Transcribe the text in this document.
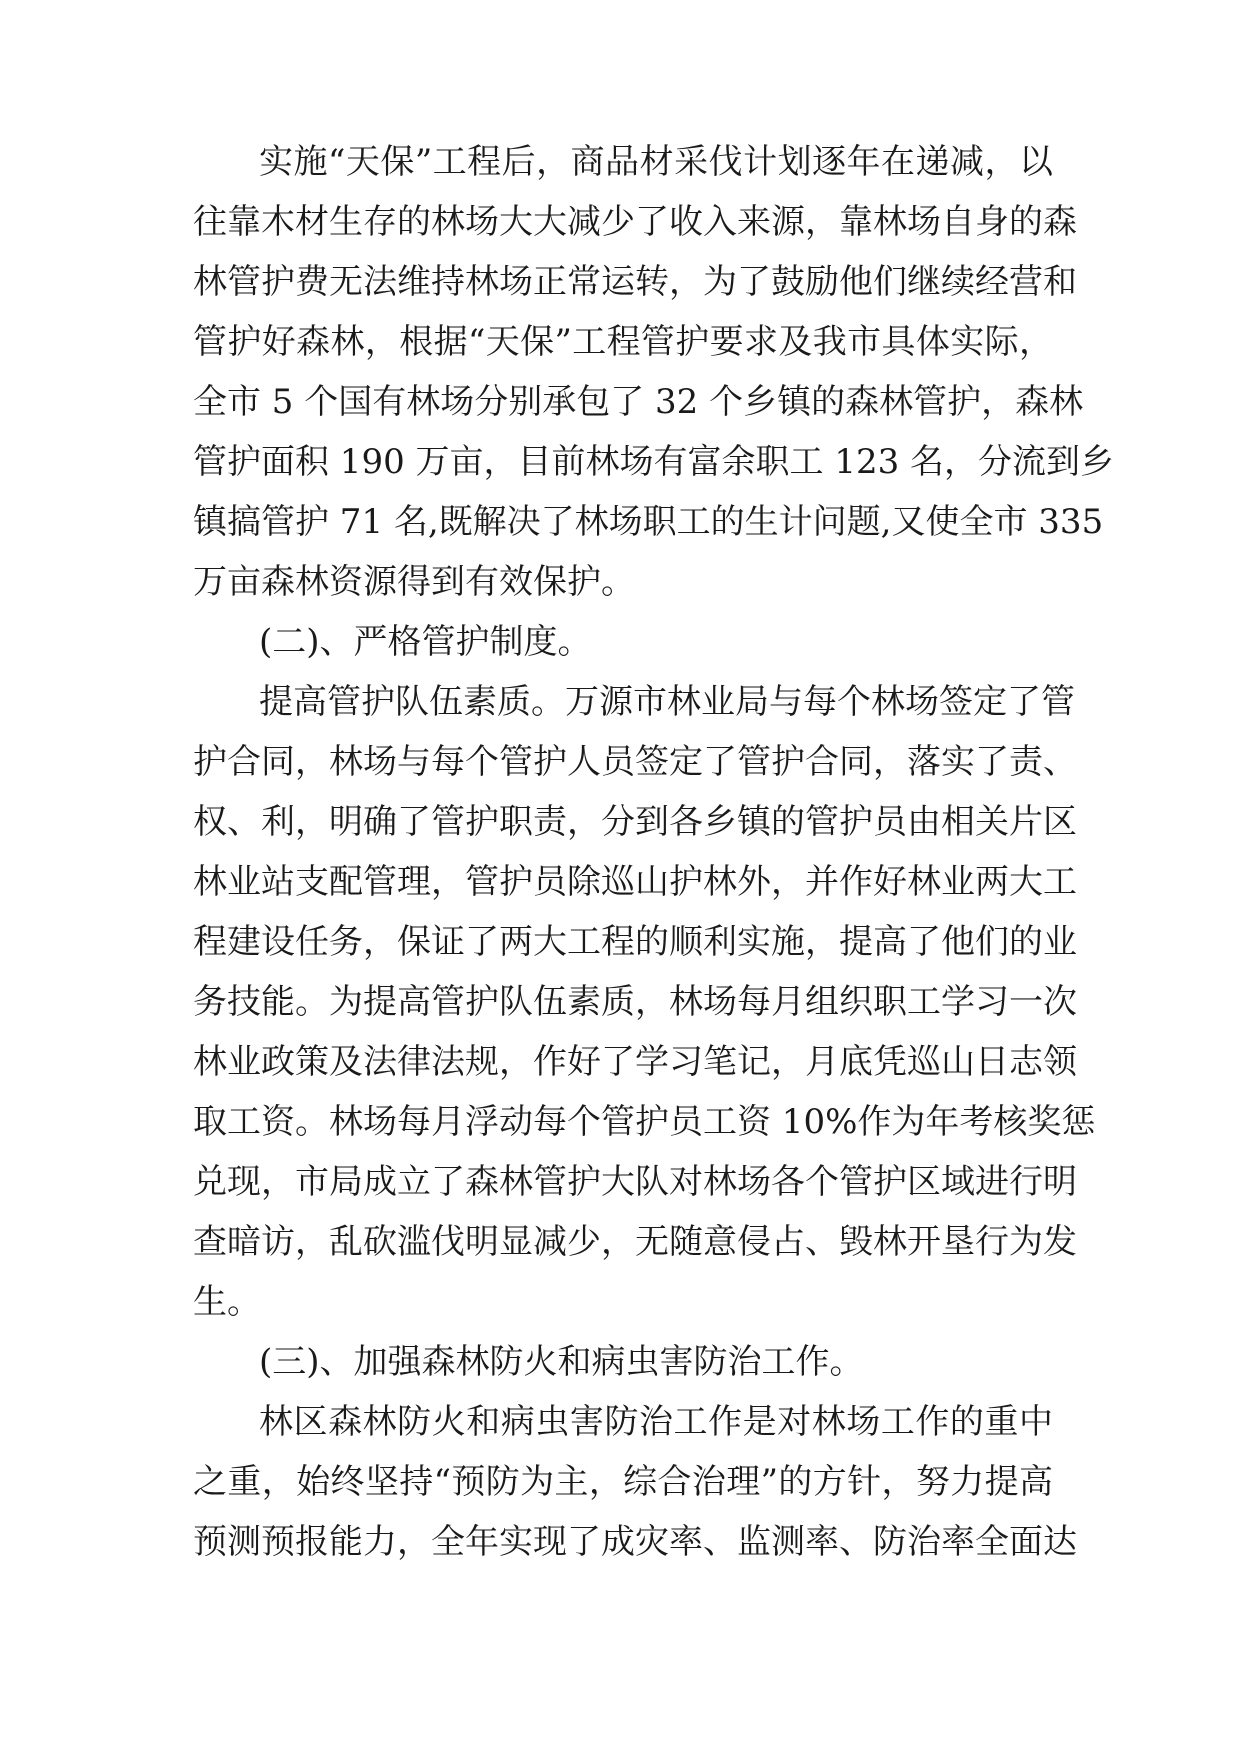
实施“天保”工程后，商品材采伐计划逐年在递减，以
往靠木材生存的林场大大减少了收入来源，靠林场自身的森
林管护费无法维持林场正常运转，为了鼓励他们继续经营和
管护好森林，根据“天保”工程管护要求及我市具体实际，
全市 5 个国有林场分别承包了 32 个乡镇的森林管护，森林
管护面积 190 万亩，目前林场有富余职工 123 名，分流到乡
镇搞管护 71 名,既解决了林场职工的生计问题,又使全市 335
万亩森林资源得到有效保护。
(二)、严格管护制度。
提高管护队伍素质。万源市林业局与每个林场签定了管
护合同，林场与每个管护人员签定了管护合同，落实了责、
权、利，明确了管护职责，分到各乡镇的管护员由相关片区
林业站支配管理，管护员除巡山护林外，并作好林业两大工
程建设任务，保证了两大工程的顺利实施，提高了他们的业
务技能。为提高管护队伍素质，林场每月组织职工学习一次
林业政策及法律法规，作好了学习笔记，月底凭巡山日志领
取工资。林场每月浮动每个管护员工资 10%作为年考核奖惩
兑现，市局成立了森林管护大队对林场各个管护区域进行明
查暗访，乱砍滥伐明显减少，无随意侵占、毁林开垦行为发
生。
(三)、加强森林防火和病虫害防治工作。
林区森林防火和病虫害防治工作是对林场工作的重中
之重，始终坚持“预防为主，综合治理”的方针，努力提高
预测预报能力，全年实现了成灾率、监测率、防治率全面达
